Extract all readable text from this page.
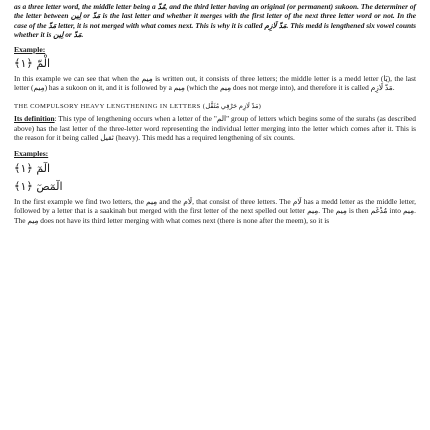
as a three letter word, the middle letter being a مُدّ, and the third letter having an original (or permanent) sukoon. The determiner of the letter between لِين or مَدّ is the last letter and whether it merges with the first letter of the next three letter word or not. In the case of the مَدّ letter, it is not merged with what comes next. This is why it is called مَدّ لَازِم. This medd is lengthened six vowel counts whether it is لِين or مَدّ.

Example:

الْمّ ﴿١﴾

In this example we can see that when the مِيم is written out, it consists of three letters; the middle letter is a medd letter (يَا), the last letter (مِيم) has a sukoon on it, and it is followed by a مِيم (which the مِيم does not merge into), and therefore it is called مَدّ لَازِم.

THE COMPULSORY HEAVY LENGTHENING IN LETTERS (مَدّ لَازِم حَرْفِي مُثَقَّل)

Its definition: This type of lengthening occurs when a letter of the "الم" group of letters which begins some of the surahs (as described above) has the last letter of the three-letter word representing the individual letter merging into the letter which comes after it. This is the reason for it being called ثقيل (heavy). This medd has a required lengthening of six counts.

Examples:

الٓمٓ ﴿١﴾
الٓمٓصٓ ﴿١﴾

In the first example we find two letters, the مِيم and the لَام, that consist of three letters. The لَام has a medd letter as the middle letter, followed by a letter that is a saakinah but merged with the first letter of the next spelled out letter مِيم. The مِيم is then مُدْغَم into مِيم. The مِيم does not have its third letter merging with what comes next (there is none after the meem), so it is
